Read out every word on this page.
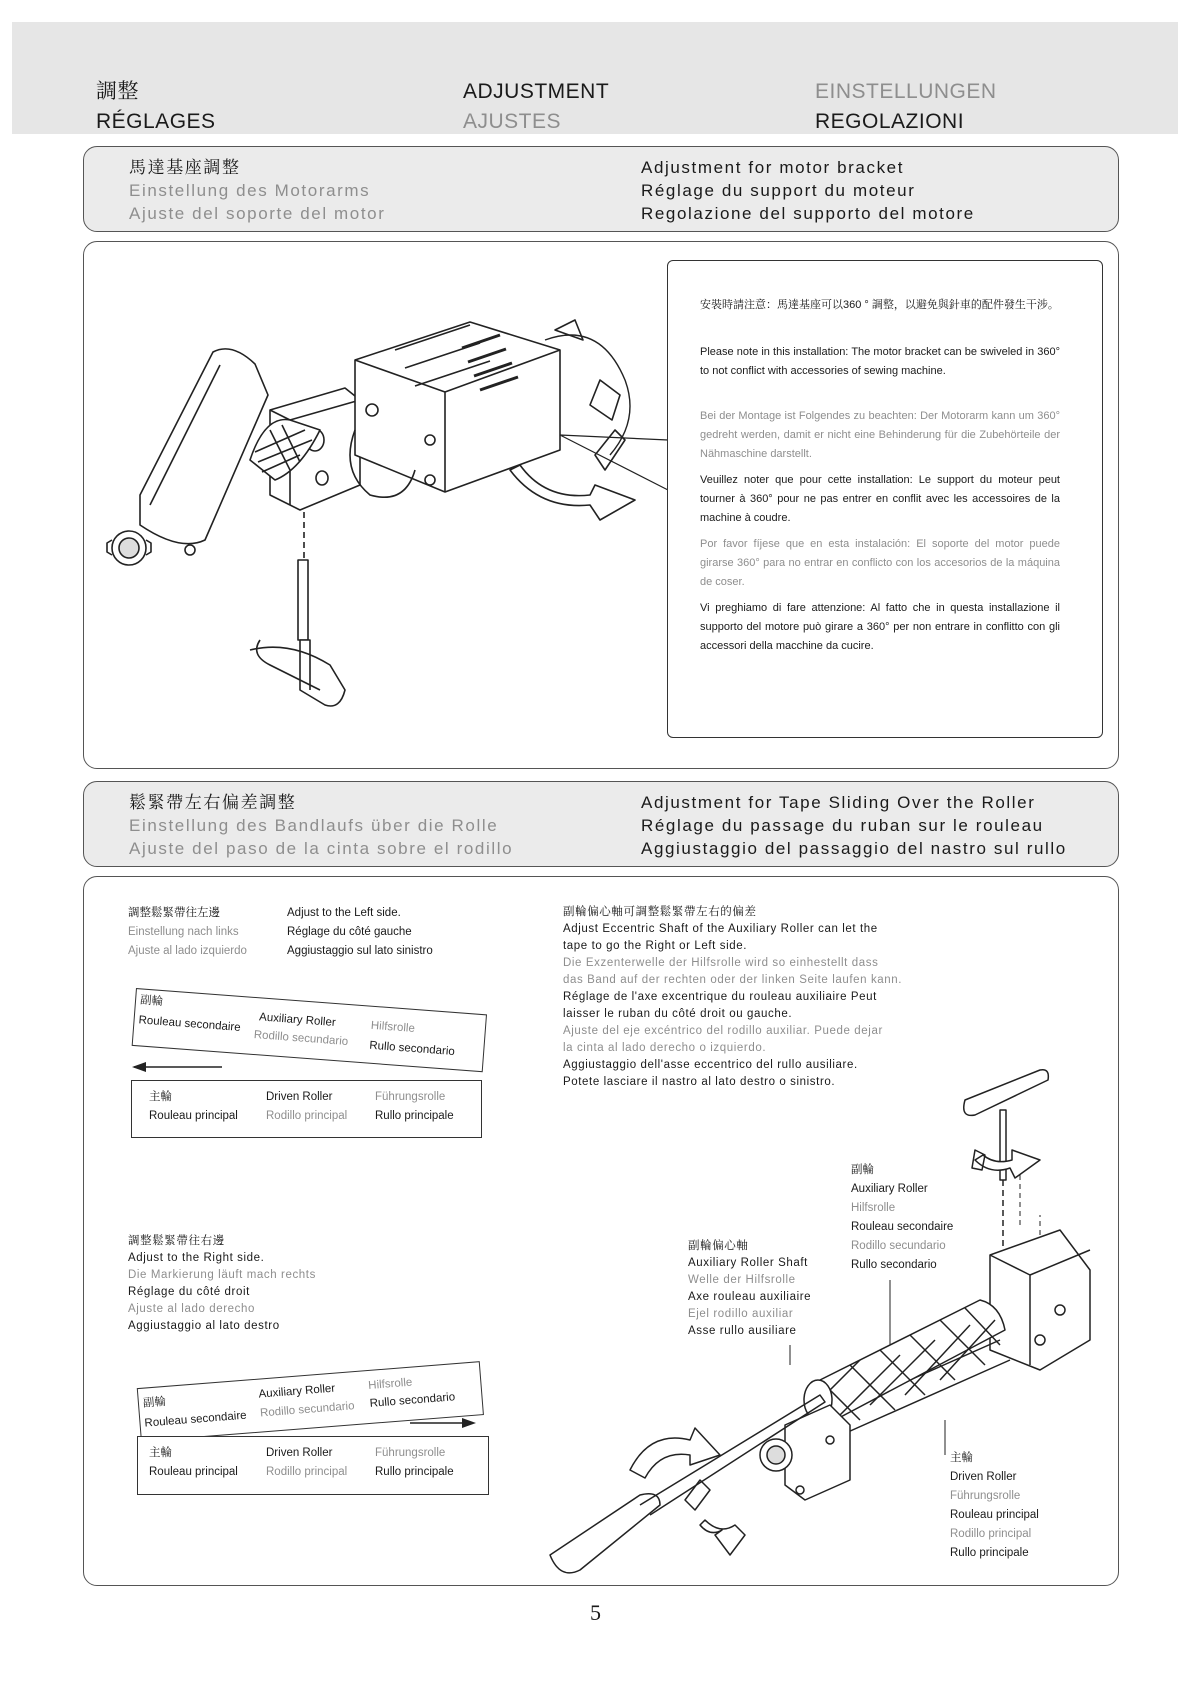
調整	ADJUSTMENT	EINSTELLUNGEN
RÉGLAGES	AJUSTES	REGOLAZIONI
馬達基座調整
Einstellung des Motorarms
Ajuste del soporte del motor
Adjustment for motor bracket
Réglage du support du moteur
Regolazione del supporto del motore
安裝時請注意：馬達基座可以360 ° 調整，以避免與針車的配件發生干涉。
Please note in this installation: The motor bracket can be swiveled in 360° to not conflict with accessories of sewing machine.
Bei der Montage ist Folgendes zu beachten: Der Motorarm kann um 360° gedreht werden, damit er nicht eine Behinderung für die Zubehörteile der Nähmaschine darstellt.
Veuillez noter que pour cette installation: Le support du moteur peut tourner à 360° pour ne pas entrer en conflit avec les accessoires de la machine à coudre.
Por favor fíjese que en esta instalación: El soporte del motor puede girarse 360° para no entrar en conflicto con los accesorios de la máquina de coser.
Vi preghiamo di fare attenzione: Al fatto che in questa installazione il supporto del motore può girare a 360° per non entrare in conflitto con gli accessori della macchine da cucire.
鬆緊帶左右偏差調整
Einstellung des Bandlaufs über die Rolle
Ajuste del paso de la cinta sobre el rodillo
Adjustment for Tape Sliding Over the Roller
Réglage du passage du ruban sur le rouleau
Aggiustaggio del passaggio del nastro sul rullo
調整鬆緊帶往左邊
Einstellung nach links
Ajuste al lado izquierdo
Adjust to the Left side.
Réglage du côté gauche
Aggiustaggio sul lato sinistro
副輪
Rouleau secondaire Auxiliary Roller
Rodillo secundario
Hilfsrolle
Rullo secondario
主輪
Rouleau principal
Driven Roller
Rodillo principal
Führungsrolle
Rullo principale
調整鬆緊帶往右邊
Adjust to the Right side.
Die Markierung läuft mach rechts
Réglage du côté droit
Ajuste al lado derecho
Aggiustaggio al lato destro
副輪
Rouleau secondaire
Auxiliary Roller
Rodillo secundario
Hilfsrolle
Rullo secondario
主輪
Rouleau principal
Driven Roller
Rodillo principal
Führungsrolle
Rullo principale
副輪偏心軸可調整鬆緊帶左右的偏差
Adjust Eccentric Shaft of the Auxiliary Roller can let the
tape to go the Right or Left side.
Die Exzenterwelle der Hilfsrolle wird so einhestellt dass
das Band auf der rechten oder der linken Seite laufen kann.
Réglage de l'axe excentrique du rouleau auxiliaire Peut
laisser le ruban du côté droit ou gauche.
Ajuste del eje excéntrico del rodillo auxiliar. Puede dejar
la cinta al lado derecho o izquierdo.
Aggiustaggio dell'asse eccentrico del rullo ausiliare.
Potete lasciare il nastro al lato destro o sinistro.
副輪
Auxiliary Roller
Hilfsrolle
Rouleau secondaire
Rodillo secundario
Rullo secondario
副輪偏心軸
Auxiliary Roller Shaft
Welle der Hilfsrolle
Axe rouleau auxiliaire
Ejel rodillo auxiliar
Asse rullo ausiliare
主輪
Driven Roller
Führungsrolle
Rouleau principal
Rodillo principal
Rullo principale
5
